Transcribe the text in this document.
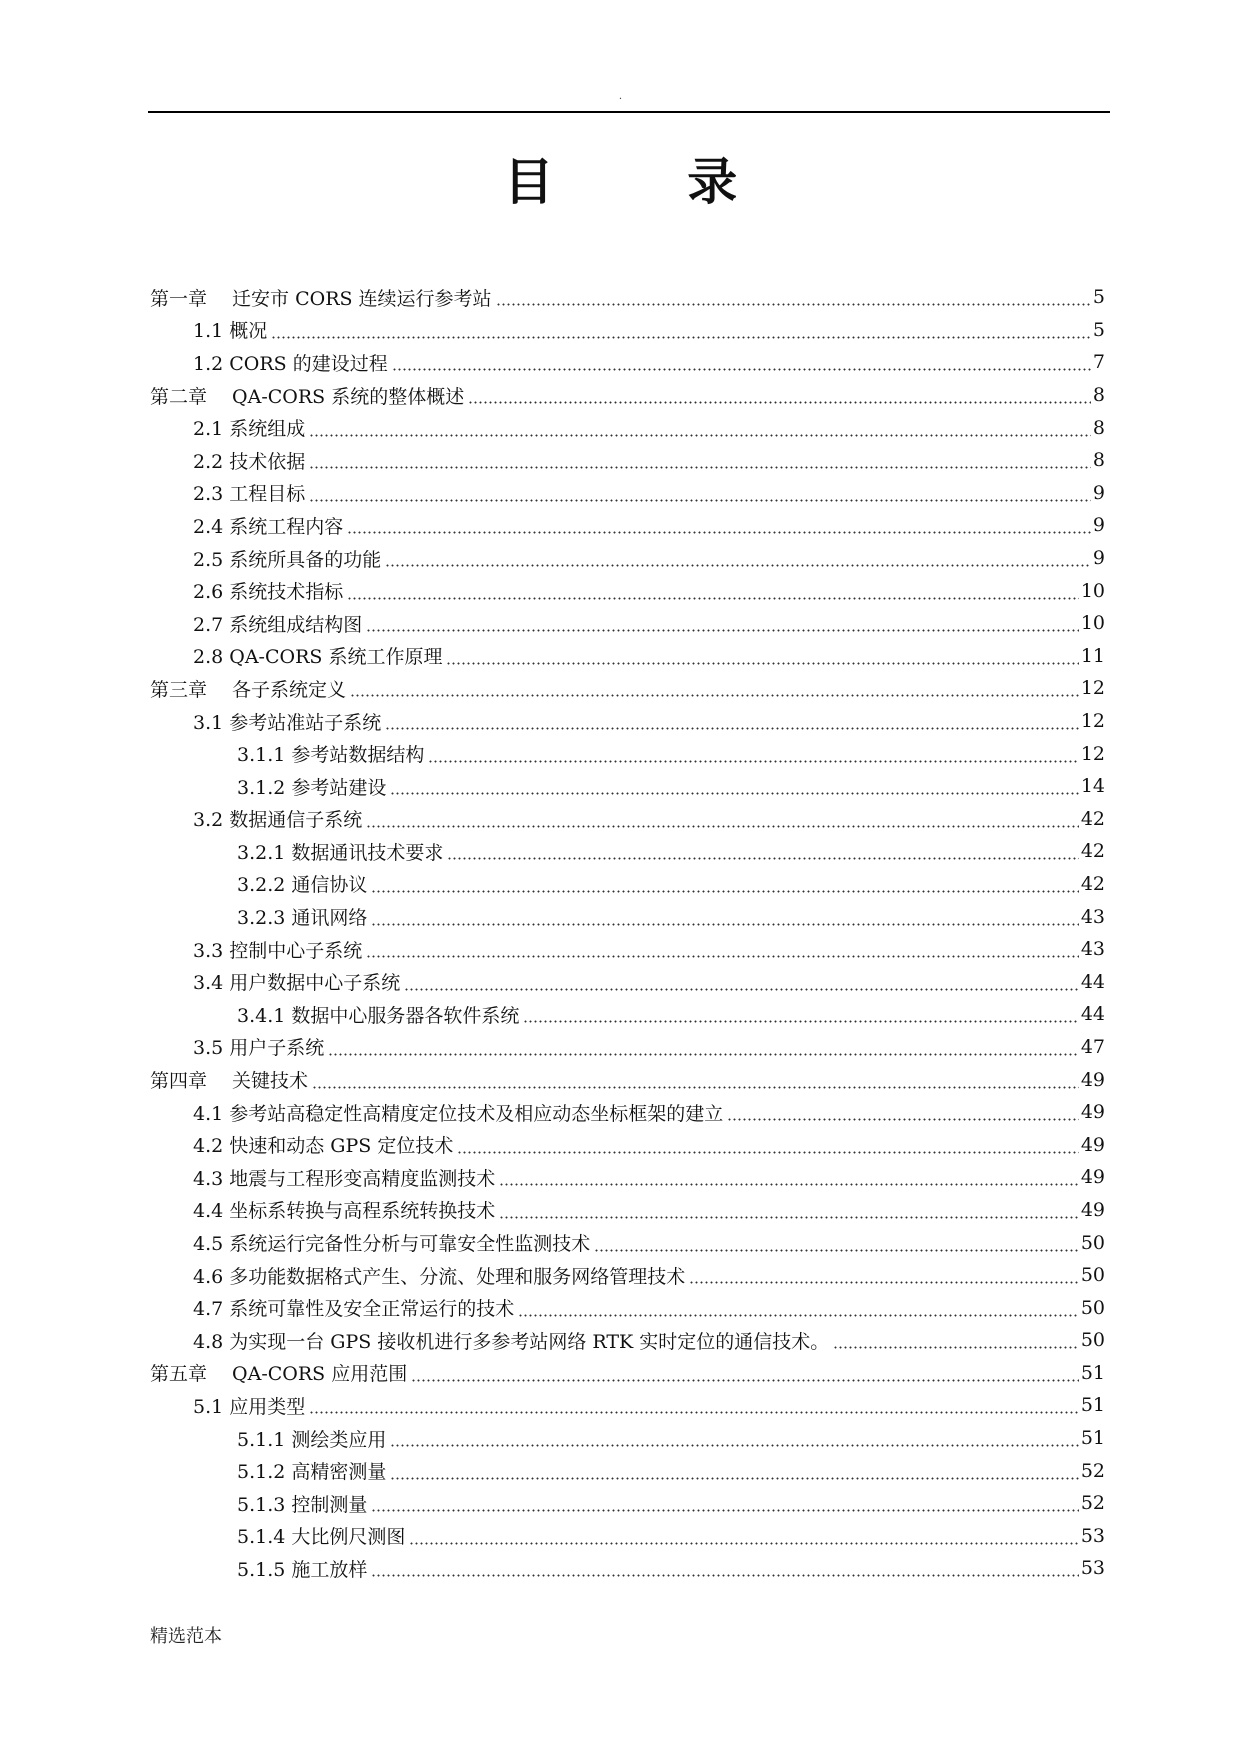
.
目 录
第一章　 迁安市 CORS 连续运行参考站	5
1.1 概况	5
1.2 CORS 的建设过程	7
第二章　 QA-CORS 系统的整体概述	8
2.1 系统组成	8
2.2 技术依据	8
2.3 工程目标	9
2.4 系统工程内容	9
2.5 系统所具备的功能	9
2.6 系统技术指标	10
2.7 系统组成结构图	10
2.8 QA-CORS 系统工作原理	11
第三章　 各子系统定义	12
3.1 参考站准站子系统	12
3.1.1 参考站数据结构	12
3.1.2 参考站建设	14
3.2 数据通信子系统	42
3.2.1 数据通讯技术要求	42
3.2.2 通信协议	42
3.2.3 通讯网络	43
3.3 控制中心子系统	43
3.4 用户数据中心子系统	44
3.4.1 数据中心服务器各软件系统	44
3.5 用户子系统	47
第四章　 关键技术	49
4.1 参考站高稳定性高精度定位技术及相应动态坐标框架的建立	49
4.2 快速和动态 GPS 定位技术	49
4.3 地震与工程形变高精度监测技术	49
4.4 坐标系转换与高程系统转换技术	49
4.5 系统运行完备性分析与可靠安全性监测技术	50
4.6 多功能数据格式产生、分流、处理和服务网络管理技术	50
4.7 系统可靠性及安全正常运行的技术	50
4.8 为实现一台 GPS 接收机进行多参考站网络 RTK 实时定位的通信技术。	50
第五章　 QA-CORS 应用范围	51
5.1 应用类型	51
5.1.1 测绘类应用	51
5.1.2 高精密测量	52
5.1.3 控制测量	52
5.1.4 大比例尺测图	53
5.1.5 施工放样	53
精选范本
